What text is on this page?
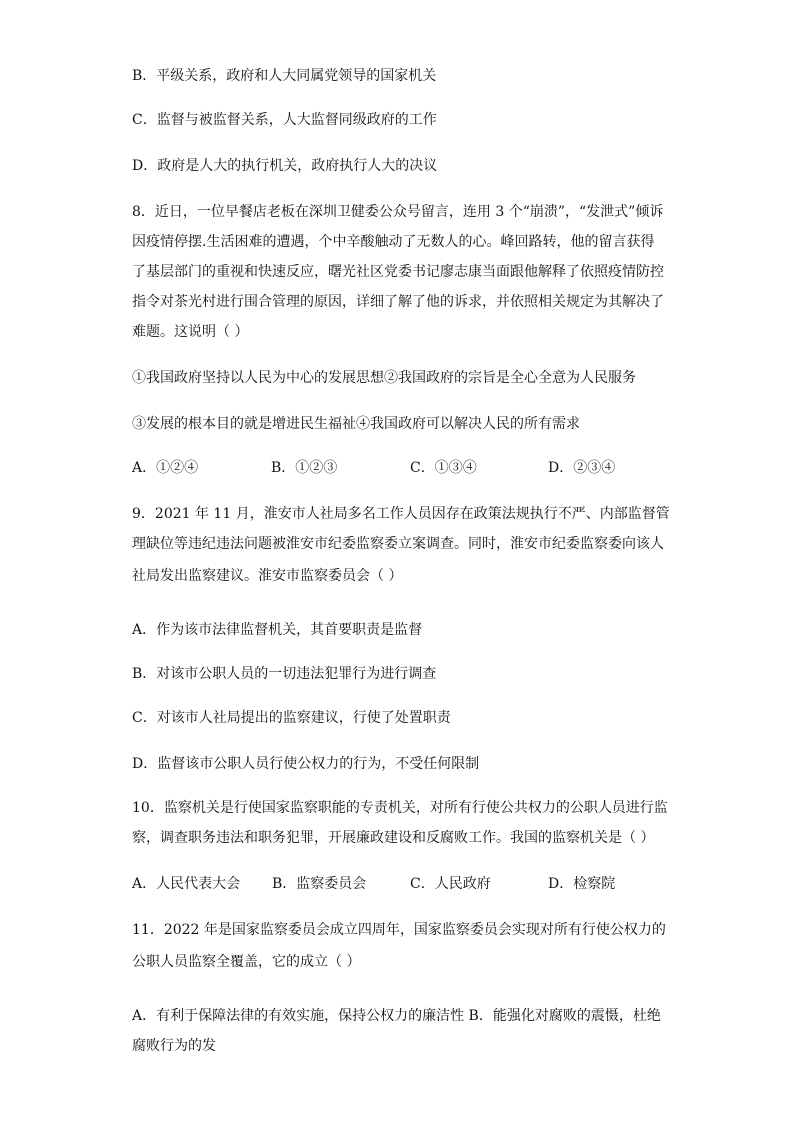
B．平级关系，政府和人大同属党领导的国家机关
C．监督与被监督关系，人大监督同级政府的工作
D．政府是人大的执行机关，政府执行人大的决议
8．近日，一位早餐店老板在深圳卫健委公众号留言，连用 3 个“崩溃”，“发泄式”倾诉
因疫情停摆.生活困难的遭遇，个中辛酸触动了无数人的心。峰回路转，他的留言获得
了基层部门的重视和快速反应，曙光社区党委书记廖志康当面跟他解释了依照疫情防控
指令对茶光村进行围合管理的原因，详细了解了他的诉求，并依照相关规定为其解决了
难题。这说明（ ）
①我国政府坚持以人民为中心的发展思想②我国政府的宗旨是全心全意为人民服务
③发展的根本目的就是增进民生福祉④我国政府可以解决人民的所有需求
A．①②④	B．①②③	C．①③④	D．②③④
9．2021 年 11 月，淮安市人社局多名工作人员因存在政策法规执行不严、内部监督管
理缺位等违纪违法问题被淮安市纪委监察委立案调查。同时，淮安市纪委监察委向该人
社局发出监察建议。淮安市监察委员会（ ）
A．作为该市法律监督机关，其首要职责是监督
B．对该市公职人员的一切违法犯罪行为进行调查
C．对该市人社局提出的监察建议，行使了处置职责
D．监督该市公职人员行使公权力的行为，不受任何限制
10．监察机关是行使国家监察职能的专责机关，对所有行使公共权力的公职人员进行监
察，调查职务违法和职务犯罪，开展廉政建设和反腐败工作。我国的监察机关是（ ）
A．人民代表大会 B．监察委员会	C．人民政府	D．检察院
11．2022 年是国家监察委员会成立四周年，国家监察委员会实现对所有行使公权力的
公职人员监察全覆盖，它的成立（ ）
A．有利于保障法律的有效实施，保持公权力的廉洁性 B．能强化对腐败的震慑，杜绝
腐败行为的发
